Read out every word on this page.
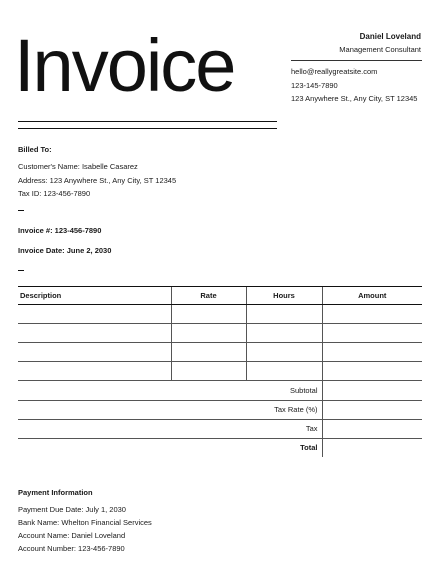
Invoice	Daniel Loveland
Management Consultant
hello@reallygreatsite.com
123-145-7890
123 Anywhere St., Any City, ST 12345
Billed To:
Customer's Name: Isabelle Casarez
Address: 123 Anywhere St., Any City, ST 12345
Tax ID: 123-456-7890
Invoice #: 123-456-7890
Invoice Date: June 2, 2030
Description	Rate	Hours	Amount

Subtotal	
Tax Rate (%)	
Tax	
Total	
Payment Information
Payment Due Date: July 1, 2030
Bank Name: Whelton Financial Services
Account Name: Daniel Loveland
Account Number: 123-456-7890
